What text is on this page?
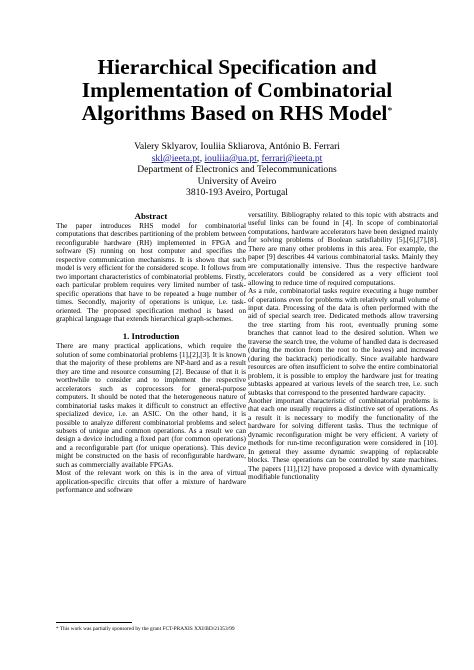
Hierarchical Specification and
Implementation of Combinatorial
Algorithms Based on RHS Model*
Valery Sklyarov, Iouliia Skliarova, António B. Ferrari
skl@ieeta.pt, iouliia@ua.pt, ferrari@ieeta.pt
Department of Electronics and Telecommunications
University of Aveiro
3810-193 Aveiro, Portugal
Abstract

The paper introduces RHS model for combinatorial computations that describes partitioning of the problem between reconfigurable hardware (RH) implemented in FPGA and software (S) running on host computer and specifies the respective communication mechanisms. It is shown that such model is very efficient for the considered scope. It follows from two important characteristics of combinatorial problems. Firstly, each particular problem requires very limited number of task-specific operations that have to be repeated a huge number of times. Secondly, majority of operations is unique, i.e. task-oriented. The proposed specification method is based on graphical language that extends hierarchical graph-schemes.

1. Introduction

There are many practical applications, which require the solution of some combinatorial problems [1],[2],[3]. It is known that the majority of these problems are NP-hard and as a result they are time and resource consuming [2]. Because of that it is worthwhile to consider and to implement the respective accelerators such as coprocessors for general-purpose computers. It should be noted that the heterogeneous nature of combinatorial tasks makes it difficult to construct an effective specialized device, i.e. an ASIC. On the other hand, it is possible to analyze different combinatorial problems and select subsets of unique and common operations. As a result we can design a device including a fixed part (for common operations) and a reconfigurable part (for unique operations). This device might be constructed on the basis of reconfigurable hardware, such as commercially available FPGAs.

Most of the relevant work on this is in the area of virtual application-specific circuits that offer a mixture of hardware performance and software

versatility. Bibliography related to this topic with abstracts and useful links can be found in [4]. In scope of combinatorial computations, hardware accelerators have been designed mainly for solving problems of Boolean satisfiability [5],[6],[7],[8]. There are many other problems in this area. For example, the paper [9] describes 44 various combinatorial tasks. Mainly they are computationally intensive. Thus the respective hardware accelerators could be considered as a very efficient tool allowing to reduce time of required computations.

As a rule, combinatorial tasks require executing a huge number of operations even for problems with relatively small volume of input data. Processing of the data is often performed with the aid of special search tree. Dedicated methods allow traversing the tree starting from his root, eventually pruning some branches that cannot lead to the desired solution. When we traverse the search tree, the volume of handled data is decreased (during the motion from the root to the leaves) and increased (during the backtrack) periodically. Since available hardware resources are often insufficient to solve the entire combinatorial problem, it is possible to employ the hardware just for treating subtasks appeared at various levels of the search tree, i.e. such subtasks that correspond to the presented hardware capacity.

Another important characteristic of combinatorial problems is that each one usually requires a distinctive set of operations. As a result it is necessary to modify the functionality of the hardware for solving different tasks. Thus the technique of dynamic reconfiguration might be very efficient. A variety of methods for run-time reconfiguration were considered in [10]. In general they assume dynamic swapping of replaceable blocks. These operations can be controlled by state machines. The papers [11],[12] have proposed a device with dynamically modifiable functionality

* This work was partially sponsored by the grant FCT-PRAXIS XXI/BD/21353/99
